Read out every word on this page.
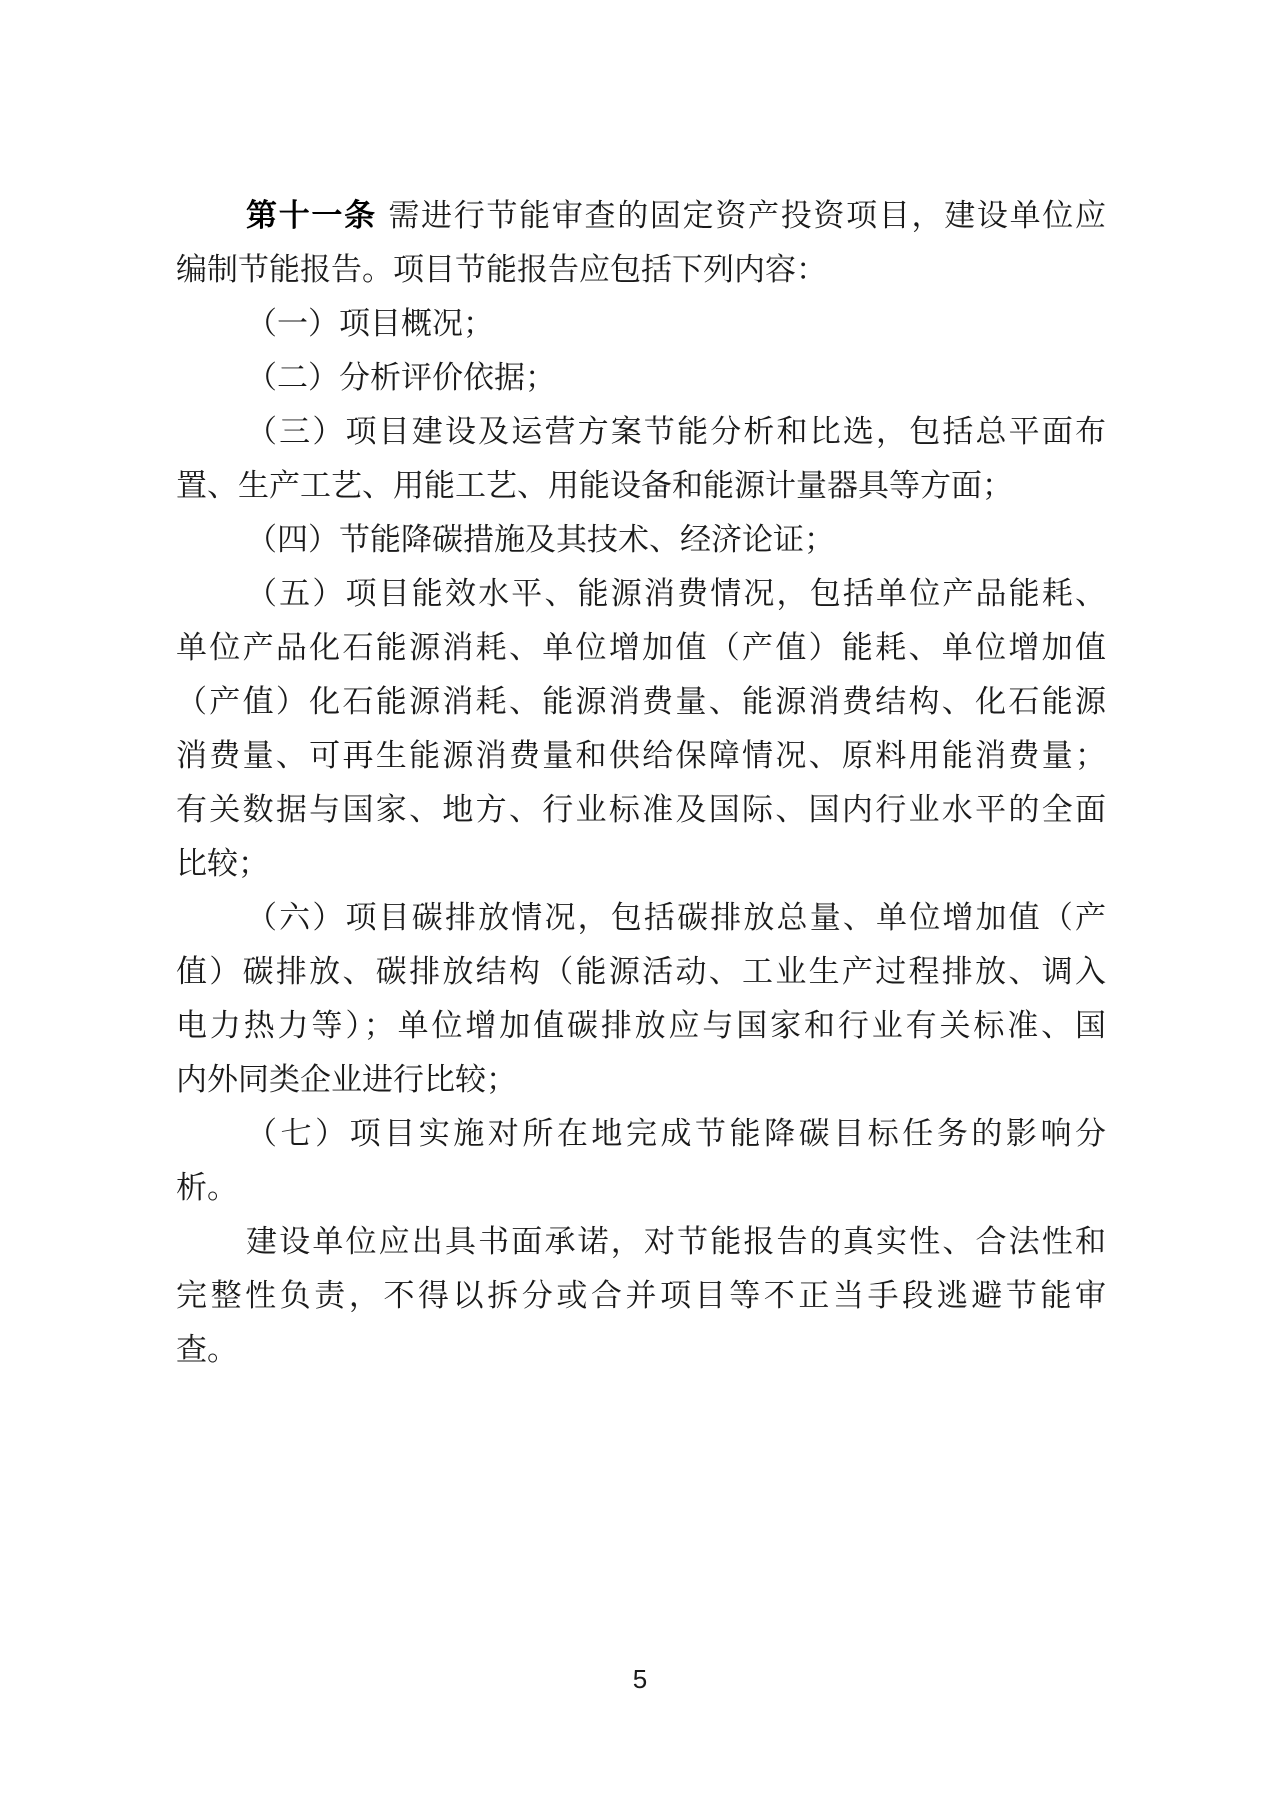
第十一条 需进行节能审查的固定资产投资项目，建设单位应
编制节能报告。项目节能报告应包括下列内容：
（一）项目概况；
（二）分析评价依据；
（三）项目建设及运营方案节能分析和比选，包括总平面布
置、生产工艺、用能工艺、用能设备和能源计量器具等方面；
（四）节能降碳措施及其技术、经济论证；
（五）项目能效水平、能源消费情况，包括单位产品能耗、
单位产品化石能源消耗、单位增加值（产值）能耗、单位增加值
（产值）化石能源消耗、能源消费量、能源消费结构、化石能源
消费量、可再生能源消费量和供给保障情况、原料用能消费量；
有关数据与国家、地方、行业标准及国际、国内行业水平的全面
比较；
（六）项目碳排放情况，包括碳排放总量、单位增加值（产
值）碳排放、碳排放结构（能源活动、工业生产过程排放、调入
电力热力等）；单位增加值碳排放应与国家和行业有关标准、国
内外同类企业进行比较；
（七）项目实施对所在地完成节能降碳目标任务的影响分
析。
建设单位应出具书面承诺，对节能报告的真实性、合法性和
完整性负责，不得以拆分或合并项目等不正当手段逃避节能审
查。
5
